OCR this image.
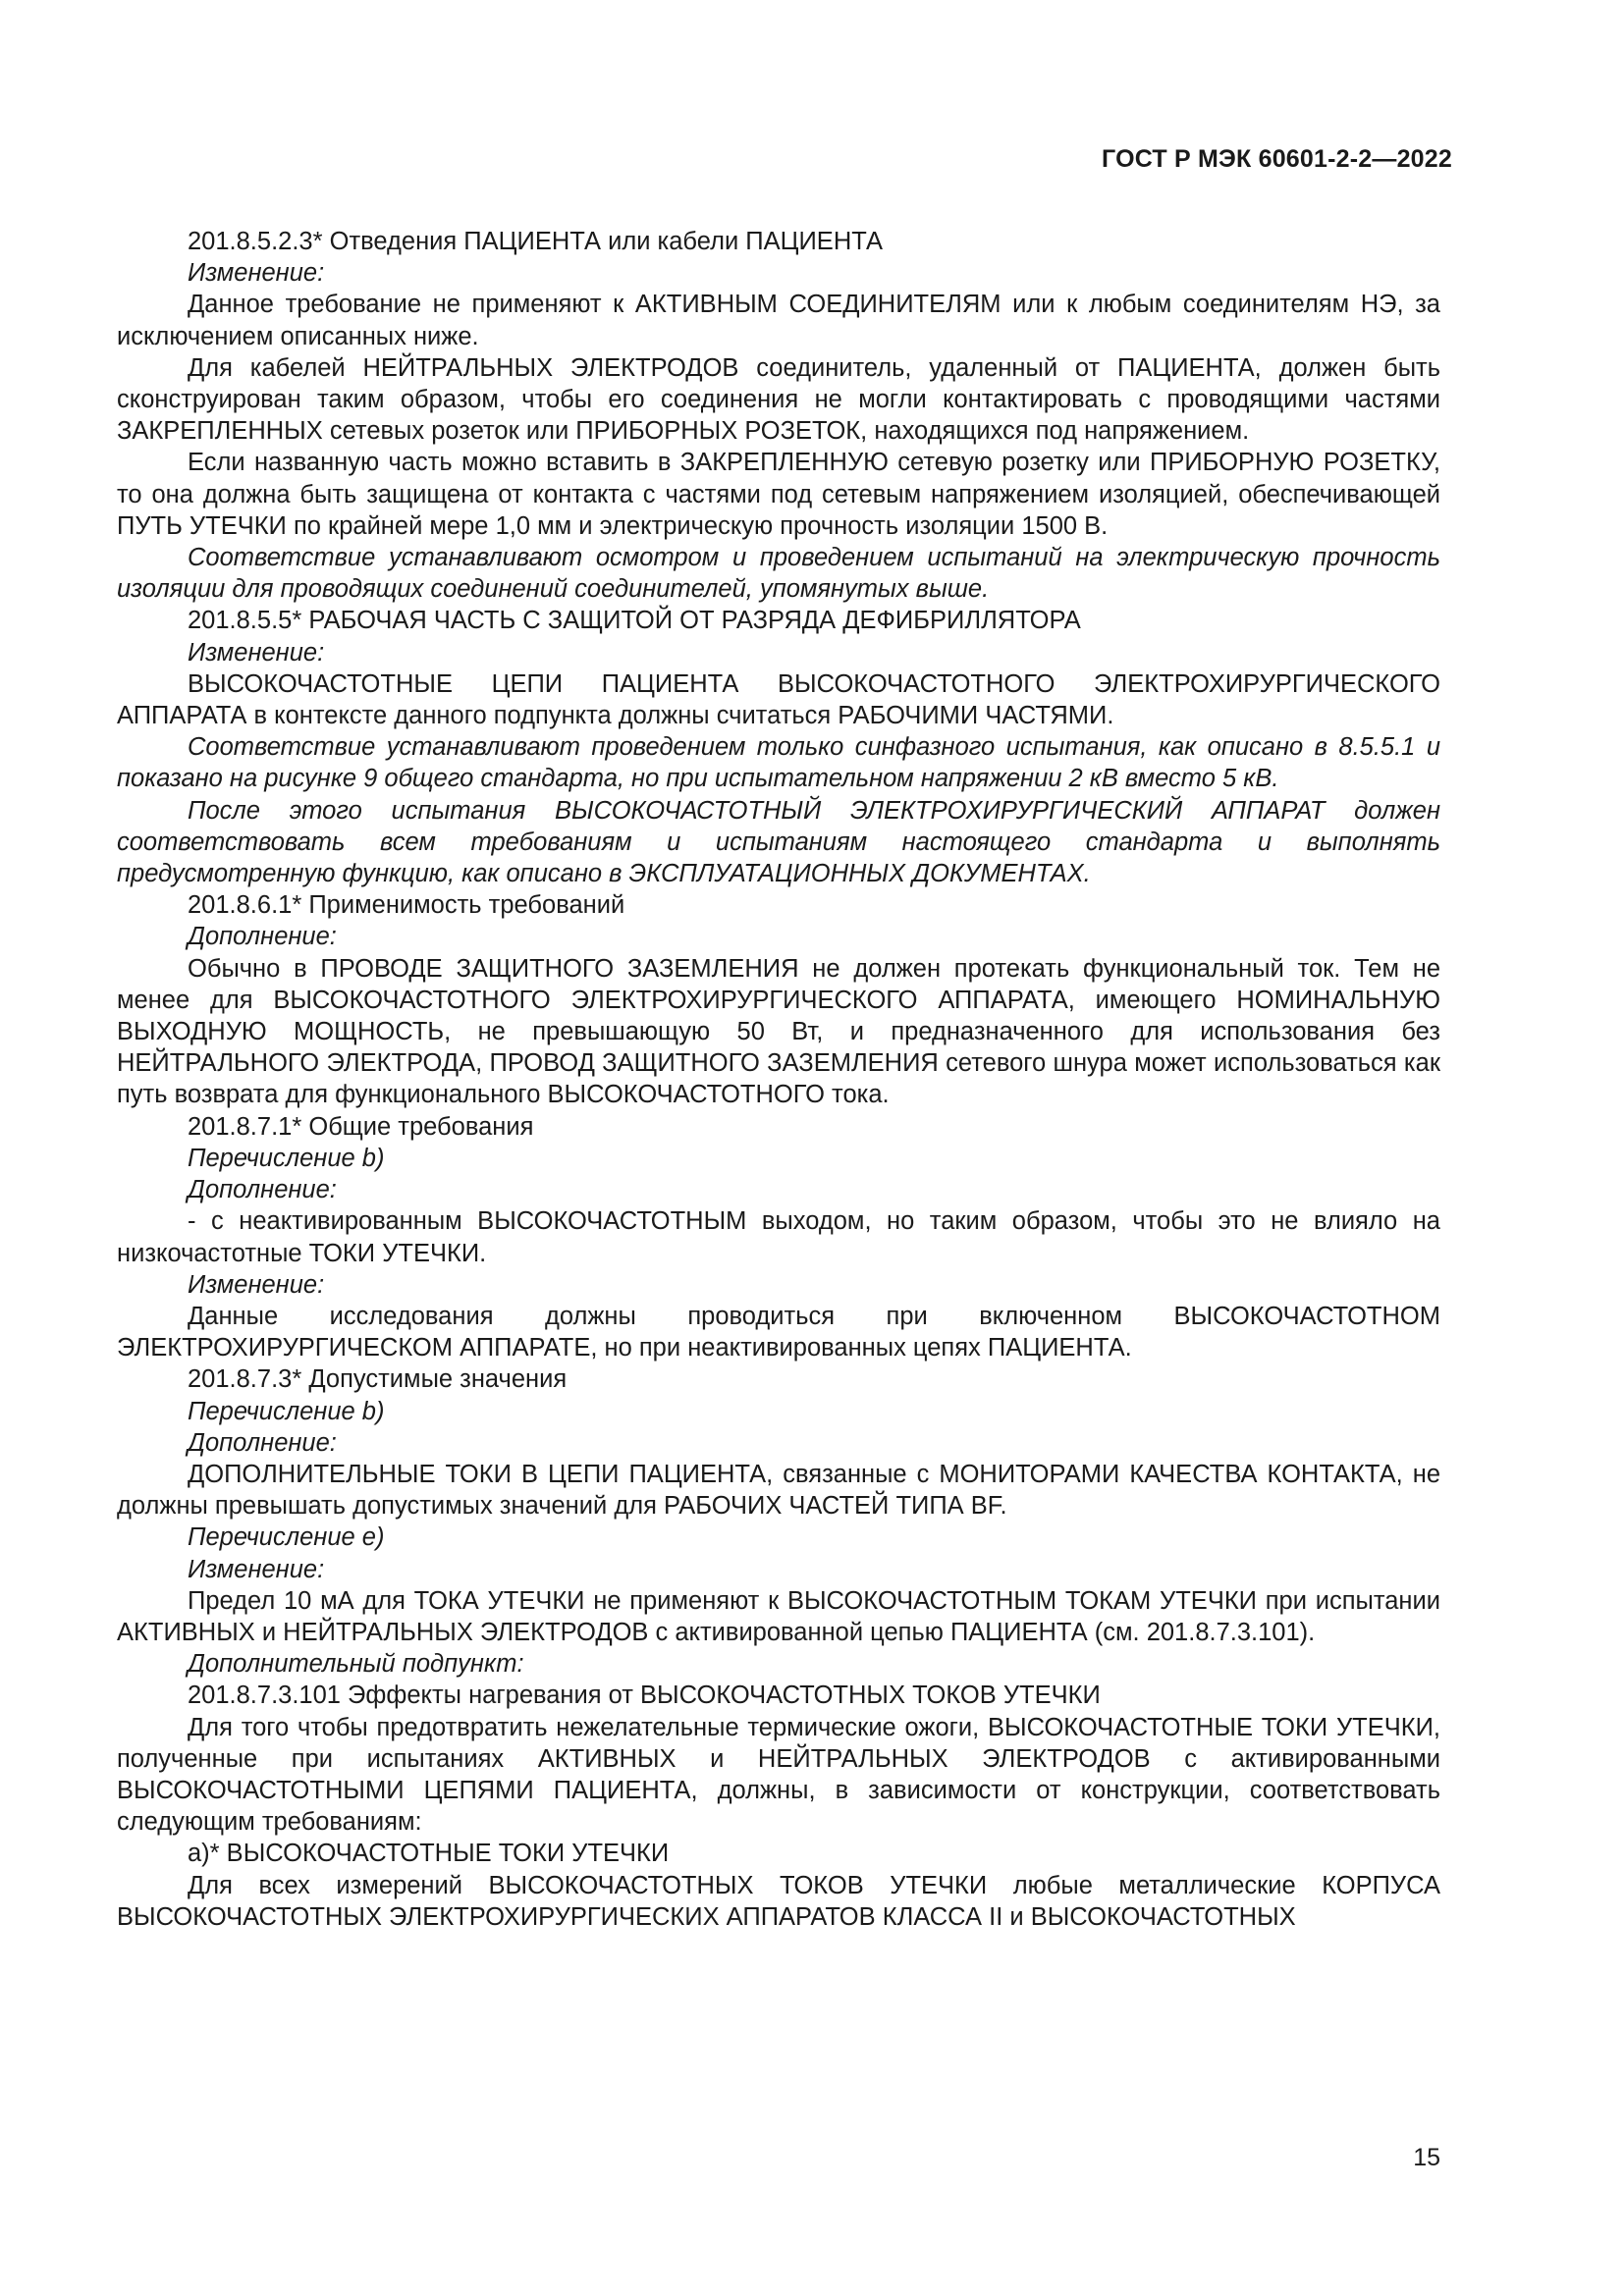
ГОСТ Р МЭК 60601-2-2—2022

201.8.5.2.3* Отведения ПАЦИЕНТА или кабели ПАЦИЕНТА

Изменение:

Данное требование не применяют к АКТИВНЫМ СОЕДИНИТЕЛЯМ или к любым соединителям НЭ, за исключением описанных ниже.

Для кабелей НЕЙТРАЛЬНЫХ ЭЛЕКТРОДОВ соединитель, удаленный от ПАЦИЕНТА, должен быть сконструирован таким образом, чтобы его соединения не могли контактировать с проводящими частями ЗАКРЕПЛЕННЫХ сетевых розеток или ПРИБОРНЫХ РОЗЕТОК, находящихся под напряжением.

Если названную часть можно вставить в ЗАКРЕПЛЕННУЮ сетевую розетку или ПРИБОРНУЮ РОЗЕТКУ, то она должна быть защищена от контакта с частями под сетевым напряжением изоляцией, обеспечивающей ПУТЬ УТЕЧКИ по крайней мере 1,0 мм и электрическую прочность изоляции 1500 В.

Соответствие устанавливают осмотром и проведением испытаний на электрическую прочность изоляции для проводящих соединений соединителей, упомянутых выше.

201.8.5.5* РАБОЧАЯ ЧАСТЬ С ЗАЩИТОЙ ОТ РАЗРЯДА ДЕФИБРИЛЛЯТОРА

Изменение:

ВЫСОКОЧАСТОТНЫЕ ЦЕПИ ПАЦИЕНТА ВЫСОКОЧАСТОТНОГО ЭЛЕКТРОХИРУРГИЧЕСКОГО АППАРАТА в контексте данного подпункта должны считаться РАБОЧИМИ ЧАСТЯМИ.

Соответствие устанавливают проведением только синфазного испытания, как описано в 8.5.5.1 и показано на рисунке 9 общего стандарта, но при испытательном напряжении 2 кВ вместо 5 кВ.

После этого испытания ВЫСОКОЧАСТОТНЫЙ ЭЛЕКТРОХИРУРГИЧЕСКИЙ АППАРАТ должен соответствовать всем требованиям и испытаниям настоящего стандарта и выполнять предусмотренную функцию, как описано в ЭКСПЛУАТАЦИОННЫХ ДОКУМЕНТАХ.

201.8.6.1* Применимость требований

Дополнение:

Обычно в ПРОВОДЕ ЗАЩИТНОГО ЗАЗЕМЛЕНИЯ не должен протекать функциональный ток. Тем не менее для ВЫСОКОЧАСТОТНОГО ЭЛЕКТРОХИРУРГИЧЕСКОГО АППАРАТА, имеющего НОМИНАЛЬНУЮ ВЫХОДНУЮ МОЩНОСТЬ, не превышающую 50 Вт, и предназначенного для использования без НЕЙТРАЛЬНОГО ЭЛЕКТРОДА, ПРОВОД ЗАЩИТНОГО ЗАЗЕМЛЕНИЯ сетевого шнура может использоваться как путь возврата для функционального ВЫСОКОЧАСТОТНОГО тока.

201.8.7.1* Общие требования

Перечисление b)

Дополнение:

- с неактивированным ВЫСОКОЧАСТОТНЫМ выходом, но таким образом, чтобы это не влияло на низкочастотные ТОКИ УТЕЧКИ.

Изменение:

Данные исследования должны проводиться при включенном ВЫСОКОЧАСТОТНОМ ЭЛЕКТРОХИРУРГИЧЕСКОМ АППАРАТЕ, но при неактивированных цепях ПАЦИЕНТА.

201.8.7.3* Допустимые значения

Перечисление b)

Дополнение:

ДОПОЛНИТЕЛЬНЫЕ ТОКИ В ЦЕПИ ПАЦИЕНТА, связанные с МОНИТОРАМИ КАЧЕСТВА КОНТАКТА, не должны превышать допустимых значений для РАБОЧИХ ЧАСТЕЙ ТИПА BF.

Перечисление е)

Изменение:

Предел 10 мА для ТОКА УТЕЧКИ не применяют к ВЫСОКОЧАСТОТНЫМ ТОКАМ УТЕЧКИ при испытании АКТИВНЫХ и НЕЙТРАЛЬНЫХ ЭЛЕКТРОДОВ с активированной цепью ПАЦИЕНТА (см. 201.8.7.3.101).

Дополнительный подпункт:

201.8.7.3.101 Эффекты нагревания от ВЫСОКОЧАСТОТНЫХ ТОКОВ УТЕЧКИ

Для того чтобы предотвратить нежелательные термические ожоги, ВЫСОКОЧАСТОТНЫЕ ТОКИ УТЕЧКИ, полученные при испытаниях АКТИВНЫХ и НЕЙТРАЛЬНЫХ ЭЛЕКТРОДОВ с активированными ВЫСОКОЧАСТОТНЫМИ ЦЕПЯМИ ПАЦИЕНТА, должны, в зависимости от конструкции, соответствовать следующим требованиям:

а)* ВЫСОКОЧАСТОТНЫЕ ТОКИ УТЕЧКИ

Для всех измерений ВЫСОКОЧАСТОТНЫХ ТОКОВ УТЕЧКИ любые металлические КОРПУСА ВЫСОКОЧАСТОТНЫХ ЭЛЕКТРОХИРУРГИЧЕСКИХ АППАРАТОВ КЛАССА II и ВЫСОКОЧАСТОТНЫХ

15
